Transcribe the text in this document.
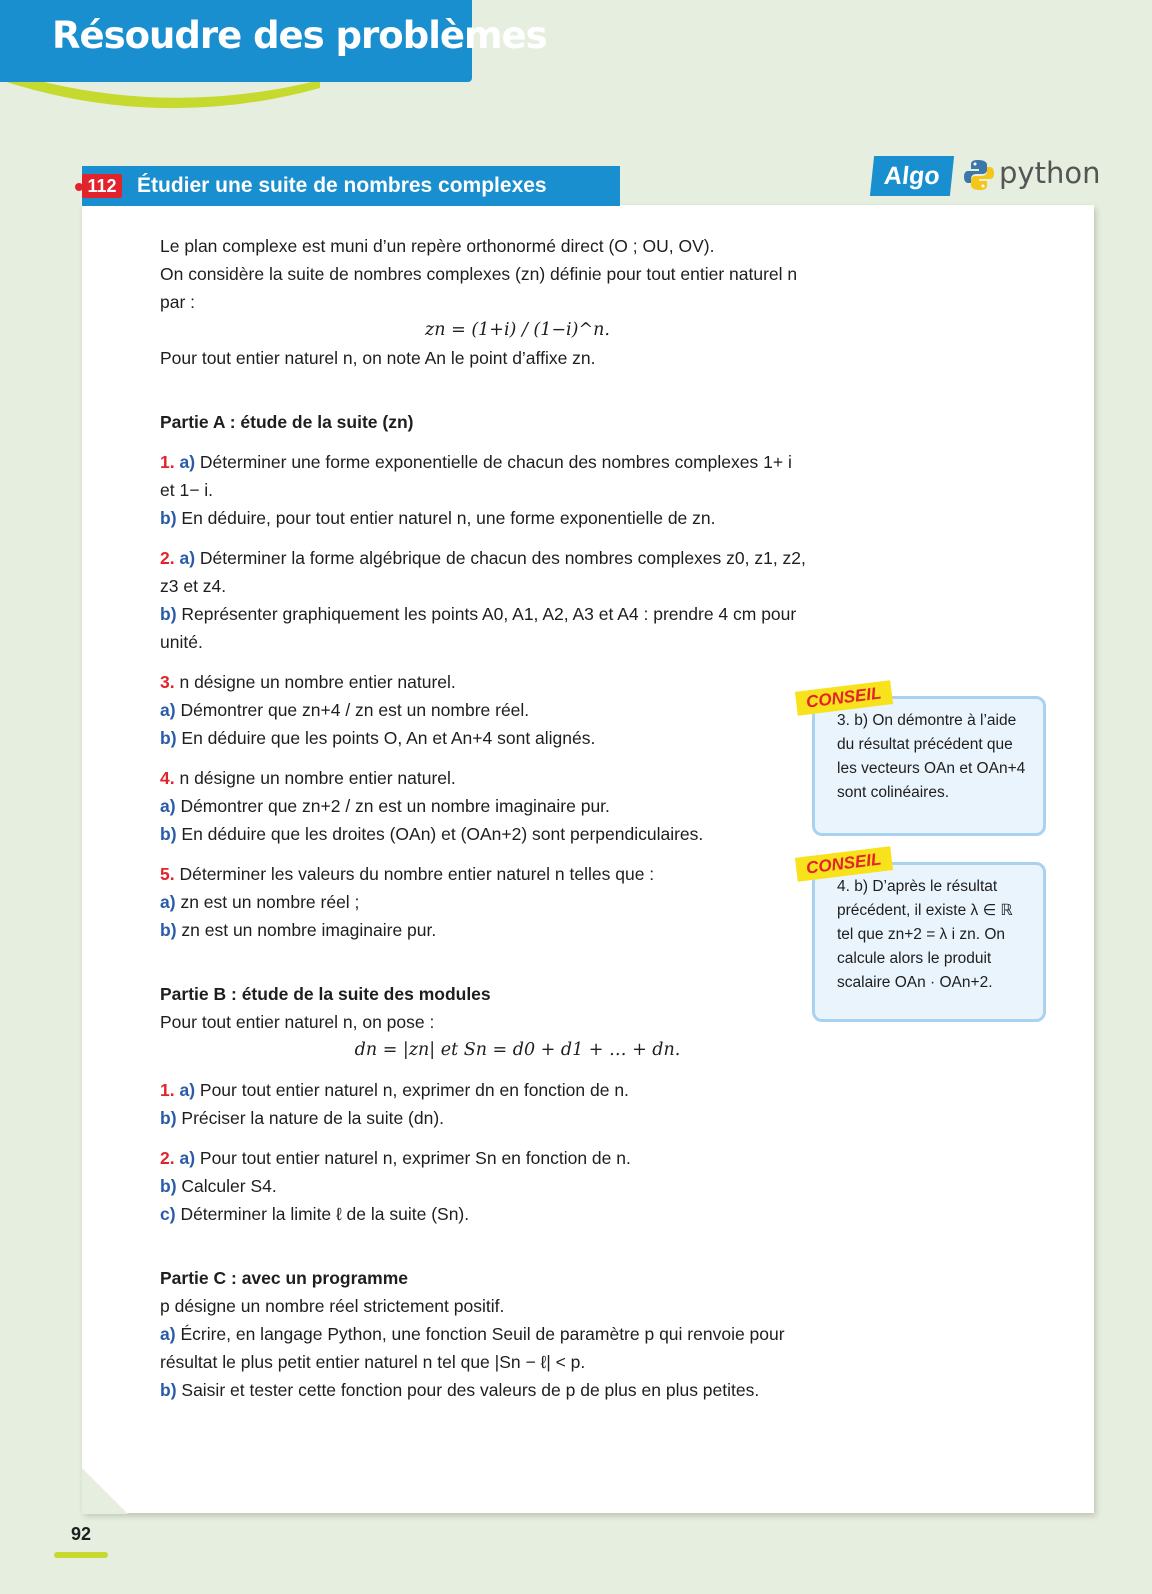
Résoudre des problèmes
112 Étudier une suite de nombres complexes	Algo	python

Le plan complexe est muni d’un repère orthonormé direct (O ; OU, OV).

On considère la suite de nombres complexes (zn) définie pour tout entier naturel n

par :

zn = (1+i) / (1−i)^n.

Pour tout entier naturel n, on note An le point d’affixe zn.

Partie A : étude de la suite (zn)

1. a) Déterminer une forme exponentielle de chacun des nombres complexes 1+ i

et 1− i.

b) En déduire, pour tout entier naturel n, une forme exponentielle de zn.

2. a) Déterminer la forme algébrique de chacun des nombres complexes z0, z1, z2,

z3 et z4.

b) Représenter graphiquement les points A0, A1, A2, A3 et A4 : prendre 4 cm pour

unité.

3. n désigne un nombre entier naturel.

a) Démontrer que zn+4 / zn est un nombre réel.

b) En déduire que les points O, An et An+4 sont alignés.

4. n désigne un nombre entier naturel.

a) Démontrer que zn+2 / zn est un nombre imaginaire pur.

b) En déduire que les droites (OAn) et (OAn+2) sont perpendiculaires.

5. Déterminer les valeurs du nombre entier naturel n telles que :

a) zn est un nombre réel ;

b) zn est un nombre imaginaire pur.

Partie B : étude de la suite des modules

Pour tout entier naturel n, on pose :

dn = |zn| et Sn = d0 + d1 + … + dn.

1. a) Pour tout entier naturel n, exprimer dn en fonction de n.

b) Préciser la nature de la suite (dn).

2. a) Pour tout entier naturel n, exprimer Sn en fonction de n.

b) Calculer S4.

c) Déterminer la limite ℓ de la suite (Sn).

Partie C : avec un programme

p désigne un nombre réel strictement positif.

a) Écrire, en langage Python, une fonction Seuil de paramètre p qui renvoie pour

résultat le plus petit entier naturel n tel que |Sn − ℓ| < p.

b) Saisir et tester cette fonction pour des valeurs de p de plus en plus petites.

3. b) On démontre à l’aide du résultat précédent que les vecteurs OAn et OAn+4 sont colinéaires.
CONSEIL
4. b) D’après le résultat précédent, il existe λ ∈ ℝ tel que zn+2 = λ i zn. On calcule alors le produit scalaire OAn · OAn+2.
CONSEIL
92
